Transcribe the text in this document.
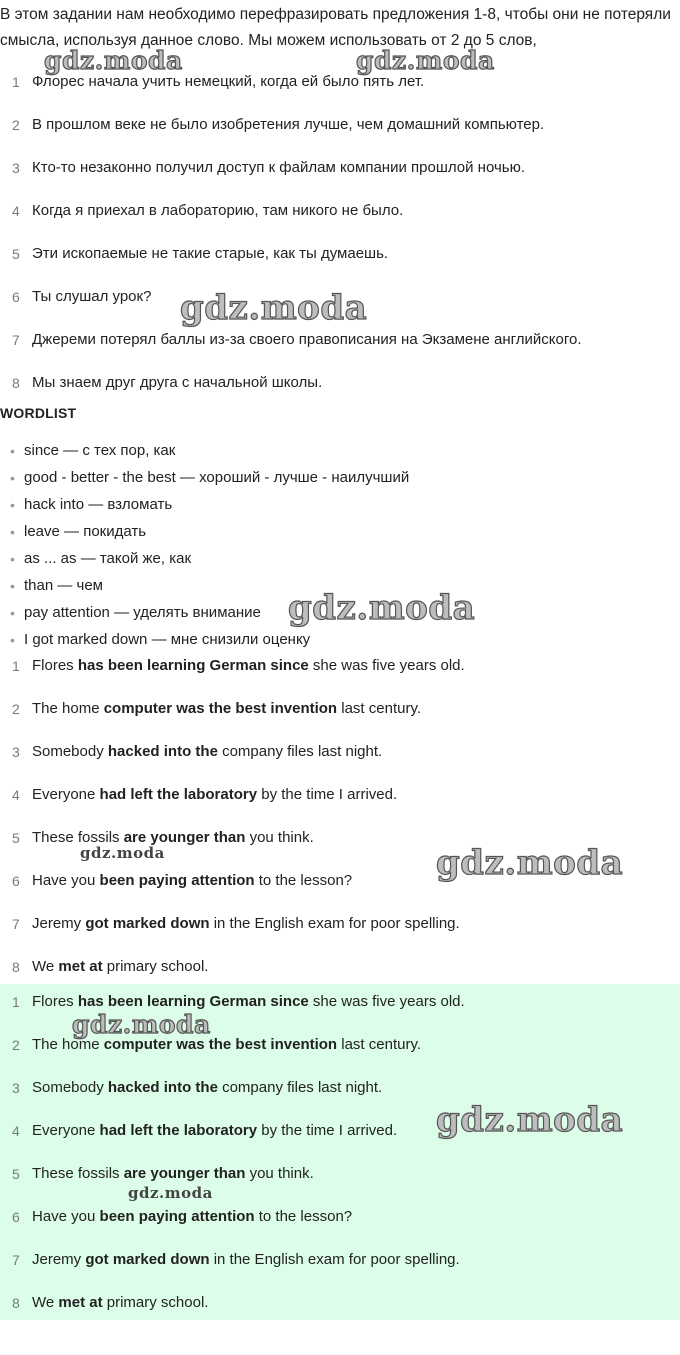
В этом задании нам необходимо перефразировать предложения 1-8, чтобы они не потеряли смысла, используя данное слово. Мы можем использовать от 2 до 5 слов,
1 Флорес начала учить немецкий, когда ей было пять лет.
2 В прошлом веке не было изобретения лучше, чем домашний компьютер.
3 Кто-то незаконно получил доступ к файлам компании прошлой ночью.
4 Когда я приехал в лабораторию, там никого не было.
5 Эти ископаемые не такие старые, как ты думаешь.
6 Ты слушал урок?
7 Джереми потерял баллы из-за своего правописания на Экзамене английского.
8 Мы знаем друг друга с начальной школы.
WORDLIST
• since — с тех пор, как
• good - better - the best — хороший - лучше - наилучший
• hack into — взломать
• leave — покидать
• as ... as — такой же, как
• than — чем
• pay attention — уделять внимание
• I got marked down — мне снизили оценку
1 Flores has been learning German since she was five years old.
2 The home computer was the best invention last century.
3 Somebody hacked into the company files last night.
4 Everyone had left the laboratory by the time I arrived.
5 These fossils are younger than you think.
6 Have you been paying attention to the lesson?
7 Jeremy got marked down in the English exam for poor spelling.
8 We met at primary school.
1 Flores has been learning German since she was five years old.
2 The home computer was the best invention last century.
3 Somebody hacked into the company files last night.
4 Everyone had left the laboratory by the time I arrived.
5 These fossils are younger than you think.
6 Have you been paying attention to the lesson?
7 Jeremy got marked down in the English exam for poor spelling.
8 We met at primary school.
gdz.moda	gdz.moda
gdz.moda
gdz.moda
gdz.moda	gdz.moda
gdz.moda
gdz.moda
gdz.moda
